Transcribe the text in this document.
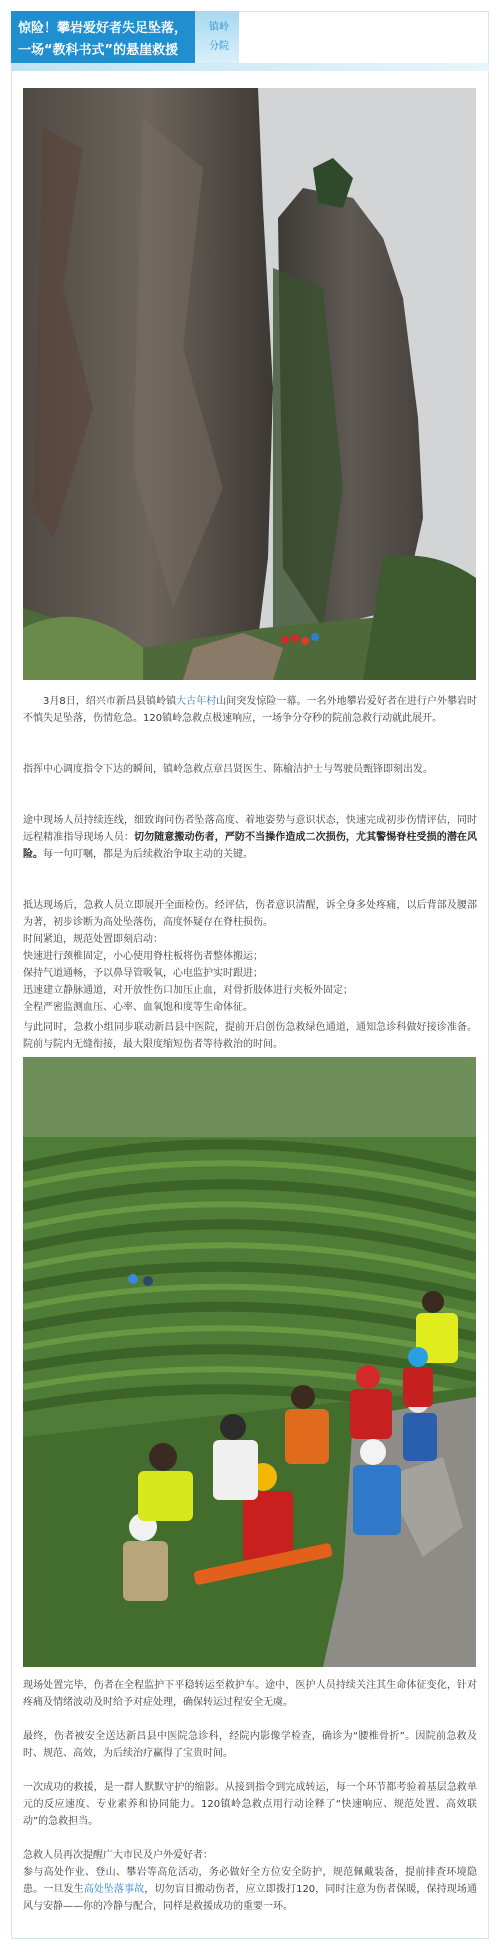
惊险！攀岩爱好者失足坠落，
一场“教科书式”的悬崖救援
镇岭
分院

  3月8日，绍兴市新昌县镇岭镇大古年村山间突发惊险一幕。一名外地攀岩爱好者在进行户外攀岩时不慎失足坠落，伤情危急。120镇岭急救点极速响应，一场争分夺秒的院前急救行动就此展开。

指挥中心调度指令下达的瞬间，镇岭急救点章吕贤医生、陈榆洁护士与驾驶员甄锋即刻出发。

途中现场人员持续连线，细致询问伤者坠落高度、着地姿势与意识状态，快速完成初步伤情评估，同时远程精准指导现场人员：切勿随意搬动伤者，严防不当操作造成二次损伤，尤其警惕脊柱受损的潜在风险。每一句叮嘱，都是为后续救治争取主动的关键。

抵达现场后，急救人员立即展开全面检伤。经评估，伤者意识清醒，诉全身多处疼痛，以后背部及腰部为著，初步诊断为高处坠落伤，高度怀疑存在脊柱损伤。

时间紧迫，规范处置即刻启动：
快速进行颈椎固定，小心使用脊柱板将伤者整体搬运；
保持气道通畅，予以鼻导管吸氧，心电监护实时跟进；
迅速建立静脉通道，对开放性伤口加压止血，对骨折肢体进行夹板外固定；
全程严密监测血压、心率、血氧饱和度等生命体征。

与此同时，急救小组同步联动新昌县中医院，提前开启创伤急救绿色通道，通知急诊科做好接诊准备。院前与院内无缝衔接，最大限度缩短伤者等待救治的时间。

现场处置完毕，伤者在全程监护下平稳转运至救护车。途中，医护人员持续关注其生命体征变化，针对疼痛及情绪波动及时给予对症处理，确保转运过程安全无虞。

最终，伤者被安全送达新昌县中医院急诊科，经院内影像学检查，确诊为“腰椎骨折”。因院前急救及时、规范、高效，为后续治疗赢得了宝贵时间。

一次成功的救援，是一群人默默守护的缩影。从接到指令到完成转运，每一个环节都考验着基层急救单元的反应速度、专业素养和协同能力。120镇岭急救点用行动诠释了“快速响应、规范处置、高效联动”的急救担当。

急救人员再次提醒广大市民及户外爱好者：

参与高处作业、登山、攀岩等高危活动，务必做好全方位安全防护，规范佩戴装备，提前排查环境隐患。一旦发生高处坠落事故，切勿盲目搬动伤者，应立即拨打120，同时注意为伤者保暖，保持现场通风与安静——你的冷静与配合，同样是救援成功的重要一环。
